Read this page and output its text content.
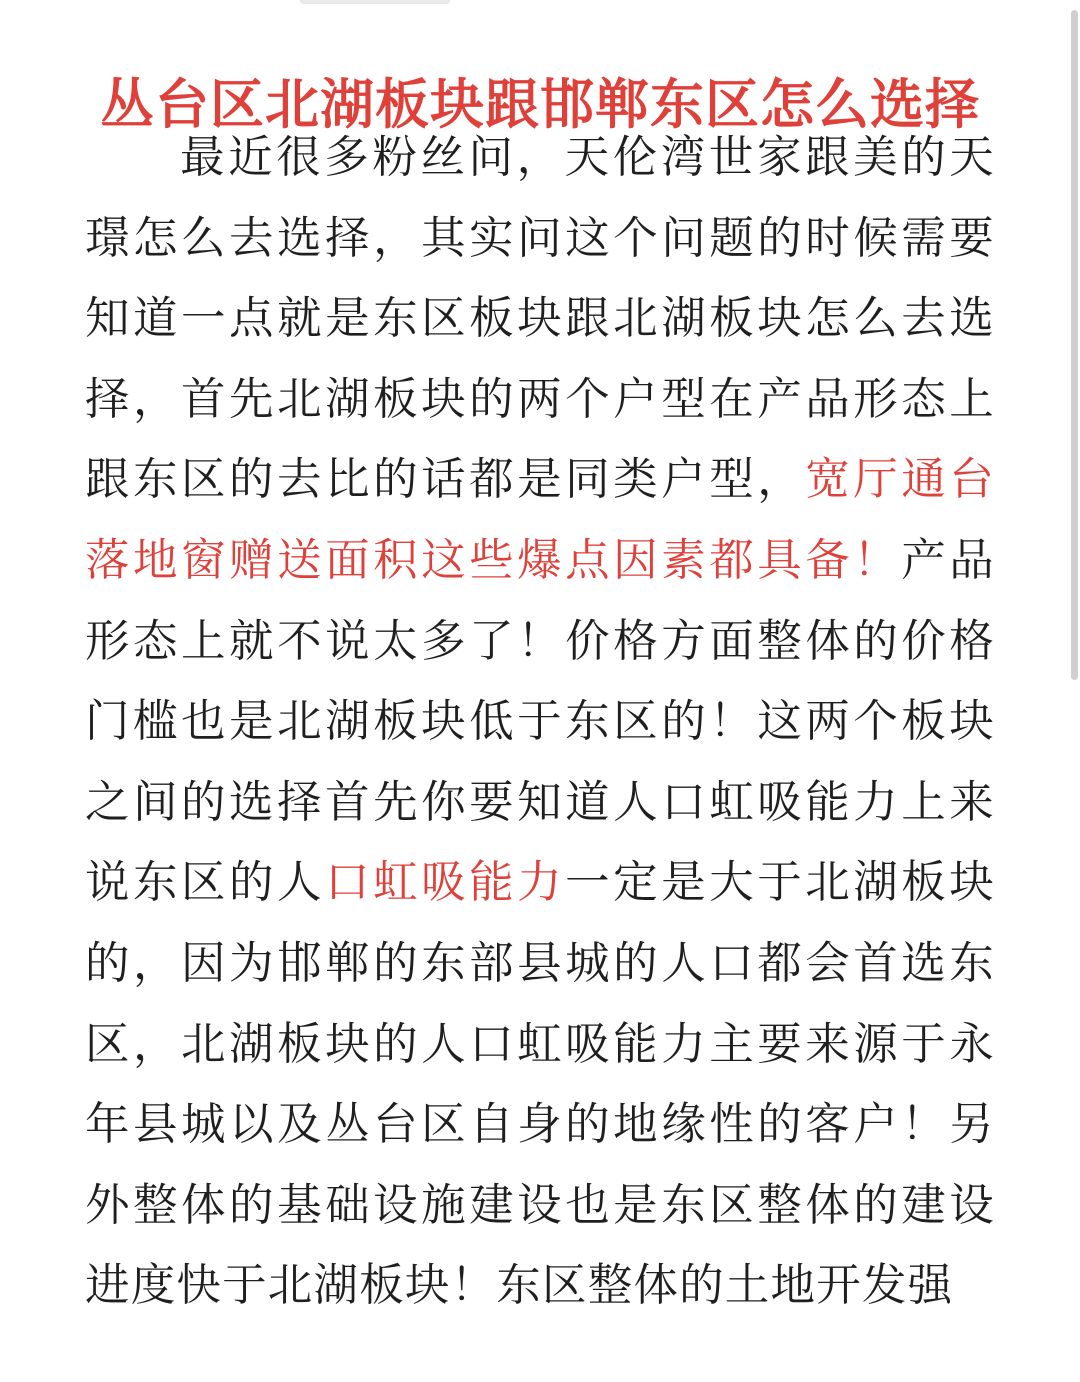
丛台区北湖板块跟邯郸东区怎么选择

最近很多粉丝问，天伦湾世家跟美的天璟怎么去选择，其实问这个问题的时候需要知道一点就是东区板块跟北湖板块怎么去选择，首先北湖板块的两个户型在产品形态上跟东区的去比的话都是同类户型，宽厅通台落地窗赠送面积这些爆点因素都具备！产品形态上就不说太多了！价格方面整体的价格门槛也是北湖板块低于东区的！这两个板块之间的选择首先你要知道人口虹吸能力上来说东区的人口虹吸能力一定是大于北湖板块的，因为邯郸的东部县城的人口都会首选东区，北湖板块的人口虹吸能力主要来源于永年县城以及丛台区自身的地缘性的客户！另外整体的基础设施建设也是东区整体的建设进度快于北湖板块！东区整体的土地开发强
